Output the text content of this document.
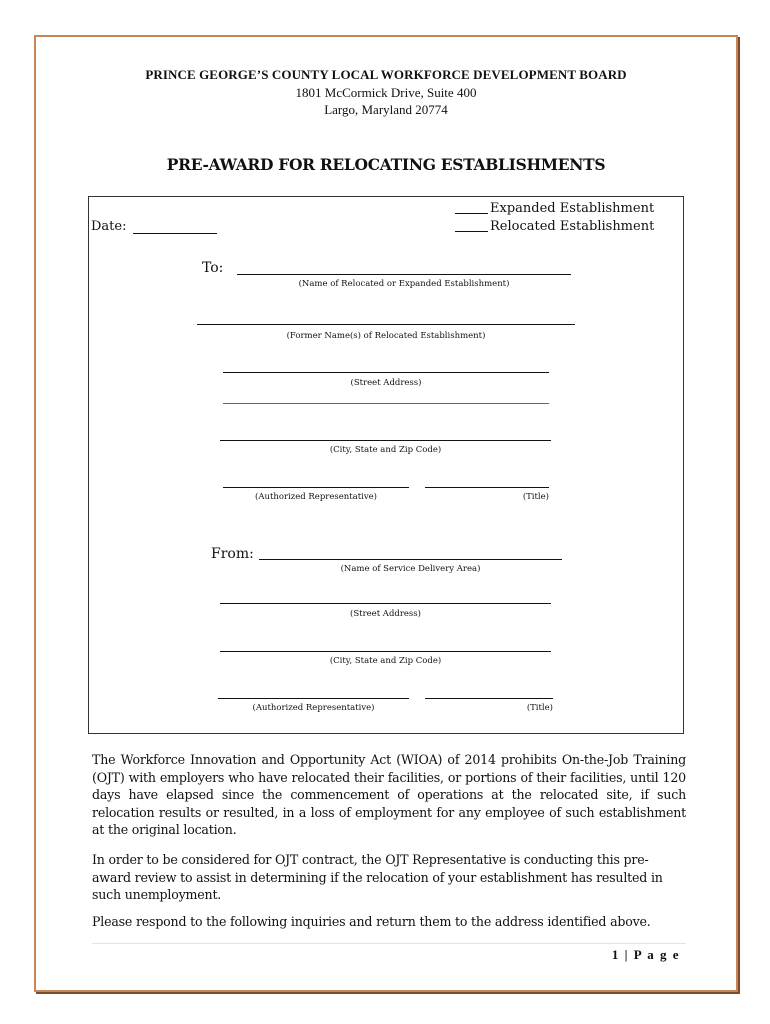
PRINCE GEORGE’S COUNTY LOCAL WORKFORCE DEVELOPMENT BOARD
1801 McCormick Drive, Suite 400
Largo, Maryland 20774
PRE-AWARD FOR RELOCATING ESTABLISHMENTS
Expanded Establishment
Relocated Establishment
Date:
To:
(Name of Relocated or Expanded Establishment)
(Former Name(s) of Relocated Establishment)
(Street Address)
(City, State and Zip Code)
(Authorized Representative)	(Title)
From:
(Name of Service Delivery Area)
(Street Address)
(City, State and Zip Code)
(Authorized Representative)	(Title)
The Workforce Innovation and Opportunity Act (WIOA) of 2014 prohibits On-the-Job Training (OJT) with employers who have relocated their facilities, or portions of their facilities, until 120 days have elapsed since the commencement of operations at the relocated site, if such relocation results or resulted, in a loss of employment for any employee of such establishment at the original location.
In order to be considered for OJT contract, the OJT Representative is conducting this pre-award review to assist in determining if the relocation of your establishment has resulted in such unemployment.
Please respond to the following inquiries and return them to the address identified above.
1 | P a g e
